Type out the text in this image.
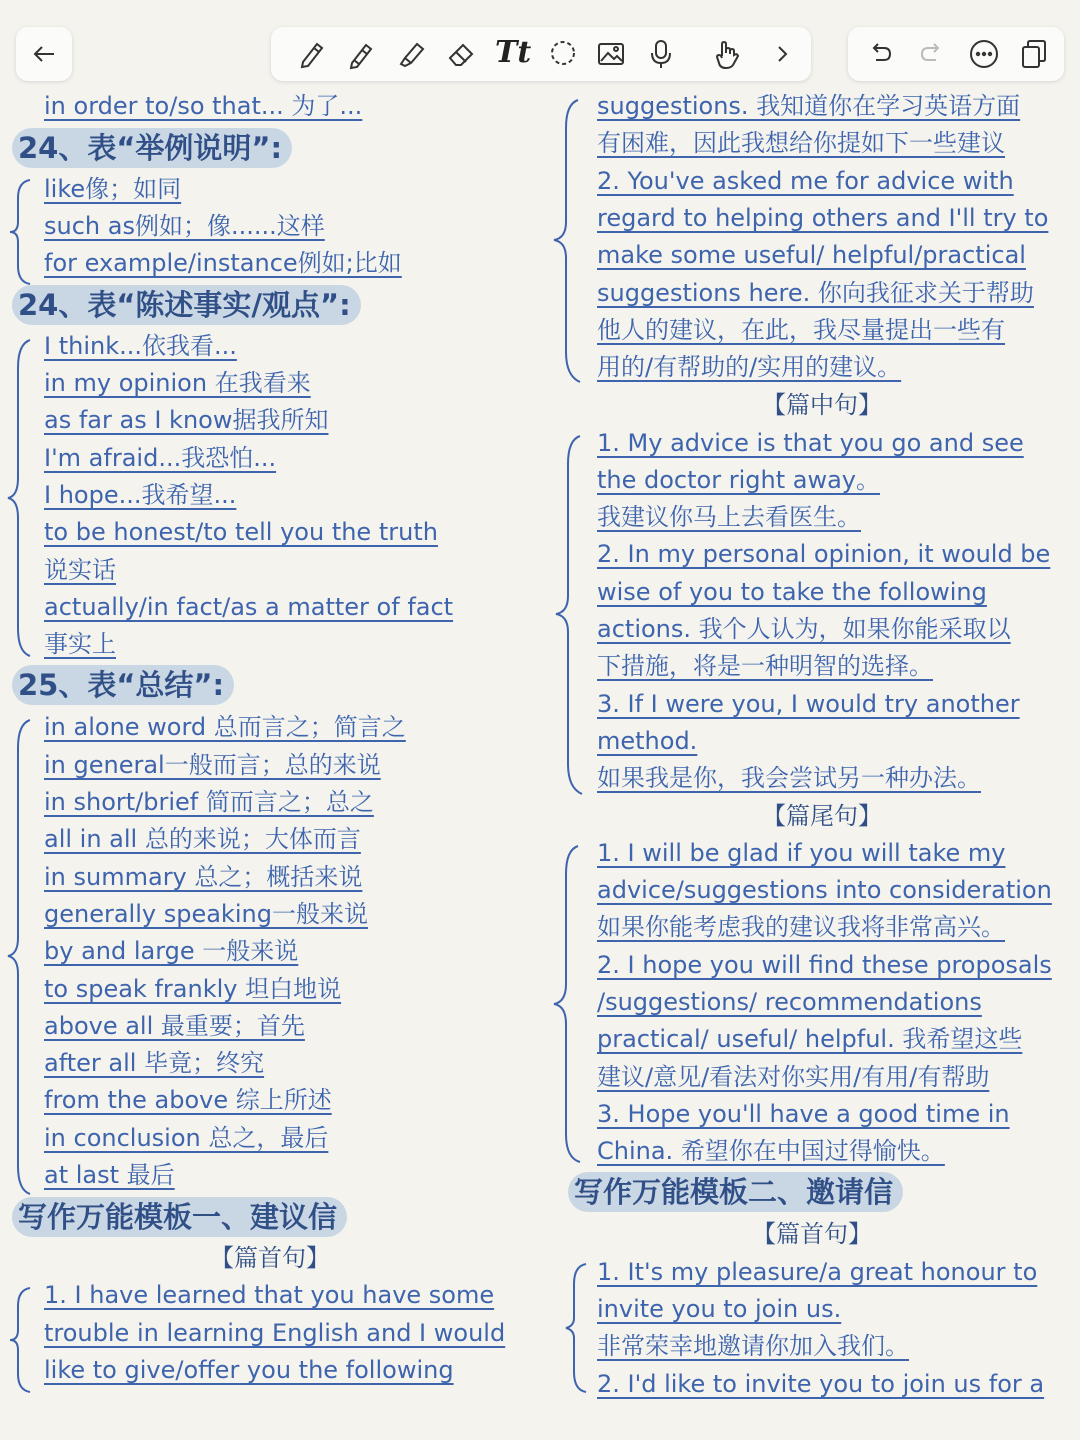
in order to/so that... 为了...
24、表“举例说明”:
like像；如同
such as例如；像......这样
for example/instance例如;比如
24、表“陈述事实/观点”:
I think...依我看...
in my opinion 在我看来
as far as I know据我所知
I'm afraid...我恐怕...
I hope...我希望...
to be honest/to tell you the truth
说实话
actually/in fact/as a matter of fact
事实上
25、表“总结”:
in alone word 总而言之；简言之
in general一般而言；总的来说
in short/brief 简而言之；总之
all in all 总的来说；大体而言
in summary 总之；概括来说
generally speaking一般来说
by and large 一般来说
to speak frankly 坦白地说
above all 最重要；首先
after all 毕竟；终究
from the above 综上所述
in conclusion 总之，最后
at last 最后
写作万能模板一、建议信
【篇首句】
1. I have learned that you have some
trouble in learning English and I would
like to give/offer you the following
suggestions. 我知道你在学习英语方面
有困难，因此我想给你提如下一些建议
2. You've asked me for advice with
regard to helping others and I'll try to
make some useful/ helpful/practical
suggestions here. 你向我征求关于帮助
他人的建议，在此，我尽量提出一些有
用的/有帮助的/实用的建议。
【篇中句】
1. My advice is that you go and see
the doctor right away。
我建议你马上去看医生。
2. In my personal opinion, it would be
wise of you to take the following
actions. 我个人认为，如果你能采取以
下措施，将是一种明智的选择。
3. If I were you, I would try another
method.
如果我是你，我会尝试另一种办法。
【篇尾句】
1. I will be glad if you will take my
advice/suggestions into consideration
如果你能考虑我的建议我将非常高兴。
2. I hope you will find these proposals
/suggestions/ recommendations
practical/ useful/ helpful. 我希望这些
建议/意见/看法对你实用/有用/有帮助
3. Hope you'll have a good time in
China. 希望你在中国过得愉快。
写作万能模板二、邀请信
【篇首句】
1. It's my pleasure/a great honour to
invite you to join us.
非常荣幸地邀请你加入我们。
2. I'd like to invite you to join us for a
Tt
